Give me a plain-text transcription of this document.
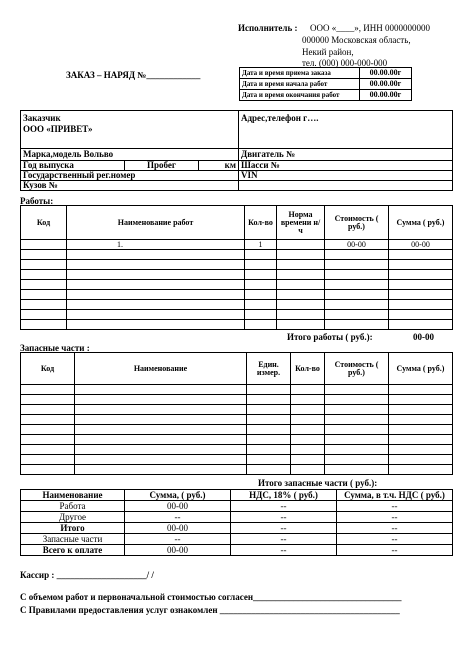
Исполнитель : ООО «____», ИНН 0000000000
000000 Московская область,
Некий район,
тел. (000) 000-000-000
ЗАКАЗ – НАРЯД №____________	Дата и время приема заказа	00.00.00г
Дата и время начала работ	00.00.00г
Дата и время окончания работ	00.00.00г
Заказчик
ООО «ПРИВЕТ»			Адрес,телефон г….
Марка,модель Вольво			Двигатель №
Год выпуска	Пробег	км	Шасси №
Государственный рег.номер			VIN
Кузов №			
Работы:
Код	Наименование работ	Кол-во	Норма времени н/ч	Стоимость ( руб.)	Сумма ( руб.)
	1.	1		00-00	00-00

Итого работы ( руб.):	00-00
Запасные части :
Код	Наименование	Един. измер.	Кол-во	Стоимость ( руб.)	Сумма ( руб.)

Итого запасные части ( руб.):
Наименование	Сумма, ( руб.)	НДС, 18% ( руб.)	Сумма, в т.ч. НДС ( руб.)
Работа	00-00	--	--
Другое	--	--	--
Итого	00-00	--	--
Запасные части	--	--	--
Всего к оплате	00-00	--	--
Кассир : ____________________/ /
С объемом работ и первоначальной стоимостью согласен_________________________________
С Правилами предоставления услуг ознакомлен ________________________________________
